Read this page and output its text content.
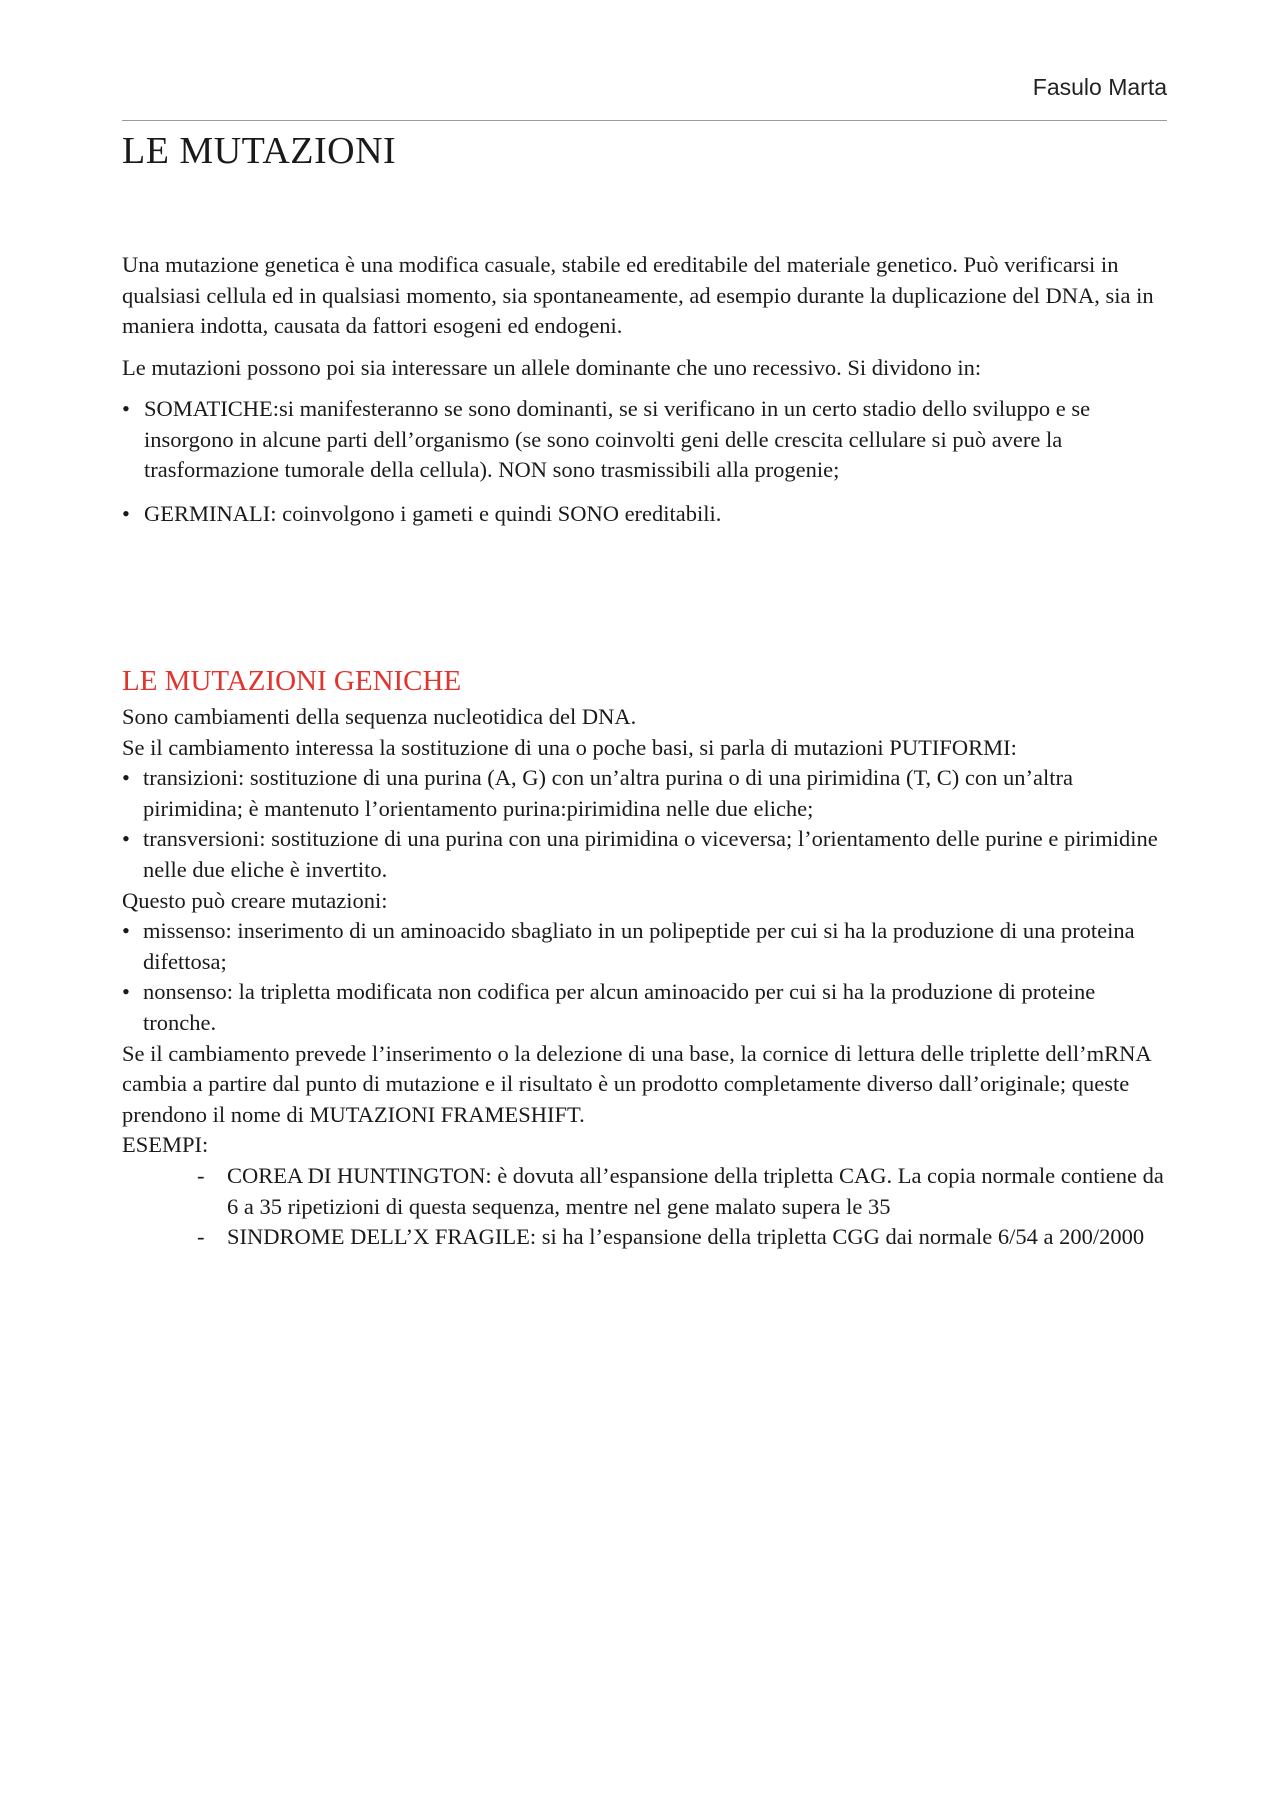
Fasulo Marta
LE MUTAZIONI

Una mutazione genetica è una modifica casuale, stabile ed ereditabile del materiale genetico. Può verificarsi in qualsiasi cellula ed in qualsiasi momento, sia spontaneamente, ad esempio durante la duplicazione del DNA, sia in maniera indotta, causata da fattori esogeni ed endogeni.

Le mutazioni possono poi sia interessare un allele dominante che uno recessivo. Si dividono in:

• SOMATICHE:si manifesteranno se sono dominanti, se si verificano in un certo stadio dello sviluppo e se insorgono in alcune parti dell’organismo (se sono coinvolti geni delle crescita cellulare si può avere la trasformazione tumorale della cellula). NON sono trasmissibili alla progenie;
• GERMINALI: coinvolgono i gameti e quindi SONO ereditabili.
LE MUTAZIONI GENICHE

Sono cambiamenti della sequenza nucleotidica del DNA.

Se il cambiamento interessa la sostituzione di una o poche basi, si parla di mutazioni PUTIFORMI:

• transizioni: sostituzione di una purina (A, G) con un’altra purina o di una pirimidina (T, C) con un’altra pirimidina; è mantenuto l’orientamento purina:pirimidina nelle due eliche;
• transversioni: sostituzione di una purina con una pirimidina o viceversa; l’orientamento delle purine e pirimidine nelle due eliche è invertito.

Questo può creare mutazioni:

• missenso: inserimento di un aminoacido sbagliato in un polipeptide per cui si ha la produzione di una proteina difettosa;
• nonsenso: la tripletta modificata non codifica per alcun aminoacido per cui si ha la produzione di proteine tronche.

Se il cambiamento prevede l’inserimento o la delezione di una base, la cornice di lettura delle triplette dell’mRNA cambia a partire dal punto di mutazione e il risultato è un prodotto completamente diverso dall’originale; queste prendono il nome di MUTAZIONI FRAMESHIFT.

ESEMPI:

- COREA DI HUNTINGTON: è dovuta all’espansione della tripletta CAG. La copia normale contiene da 6 a 35 ripetizioni di questa sequenza, mentre nel gene malato supera le 35
- SINDROME DELL’X FRAGILE: si ha l’espansione della tripletta CGG dai normale 6/54 a 200/2000
